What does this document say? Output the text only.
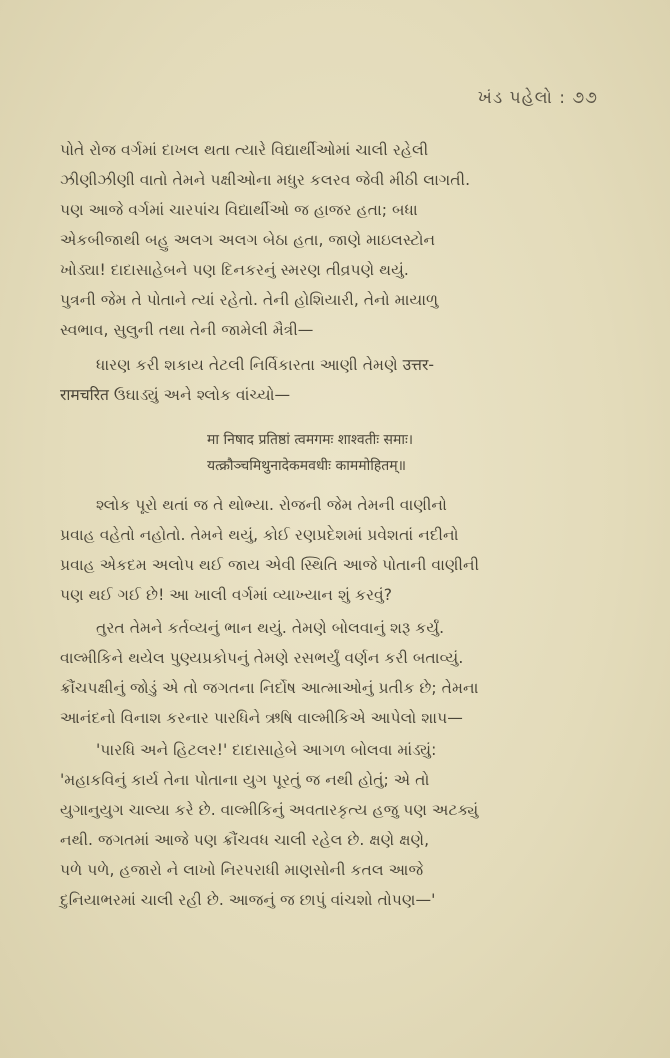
ખંડ પહેલો : ૭૭

પોતે રોજ વર્ગમાં દાખલ થતા ત્યારે વિદ્યાર્થીઓમાં ચાલી રહેલી

ઝીણીઝીણી વાતો તેમને પક્ષીઓના મધુર કલરવ જેવી મીઠી લાગતી.

પણ આજે વર્ગમાં ચારપાંચ વિદ્યાર્થીઓ જ હાજર હતા; બધા

એકબીજાથી બહુ અલગ અલગ બેઠા હતા, જાણે માઇલસ્ટોન

ખોડ્યા! દાદાસાહેબને પણ દિનકરનું સ્મરણ તીવ્રપણે થયું.

પુત્રની જેમ તે પોતાને ત્યાં રહેતો. તેની હોશિયારી, તેનો માયાળુ

સ્વભાવ, સુલુની તથા તેની જામેલી મૈત્રી—

ધારણ કરી શકાય તેટલી નિર્વિકારતા આણી તેમણે उत्तर-

रामचरित ઉઘાડ્યું અને શ્લોક વાંચ્યો—

मा निषाद प्रतिष्ठां त्वमगमः शाश्वतीः समाः।
यत्क्रौञ्चमिथुनादेकमवधीः काममोहितम्॥

શ્લોક પૂરો થતાં જ તે થોભ્યા. રોજની જેમ તેમની વાણીનો

પ્રવાહ વહેતો નહોતો. તેમને થયું, કોઈ રણપ્રદેશમાં પ્રવેશતાં નદીનો

પ્રવાહ એકદમ અલોપ થઈ જાય એવી સ્થિતિ આજે પોતાની વાણીની

પણ થઈ ગઈ છે! આ ખાલી વર્ગમાં વ્યાખ્યાન શું કરવું?

તુરત તેમને કર્તવ્યનું ભાન થયું. તેમણે બોલવાનું શરૂ કર્યું.

વાલ્મીકિને થયેલ પુણ્યપ્રકોપનું તેમણે રસભર્યું વર્ણન કરી બતાવ્યું.

ક્રૌંચપક્ષીનું જોડું એ તો જગતના નિર્દોષ આત્માઓનું પ્રતીક છે; તેમના

આનંદનો વિનાશ કરનાર પારધિને ઋષિ વાલ્મીકિએ આપેલો શાપ—

'પારધિ અને હિટલર!' દાદાસાહેબે આગળ બોલવા માંડ્યું:

'મહાકવિનું કાર્ય તેના પોતાના યુગ પૂરતું જ નથી હોતું; એ તો

યુગાનુયુગ ચાલ્યા કરે છે. વાલ્મીકિનું અવતારકૃત્ય હજુ પણ અટક્યું

નથી. જગતમાં આજે પણ ક્રૌંચવધ ચાલી રહેલ છે. ક્ષણે ક્ષણે,

પળે પળે, હજારો ને લાખો નિરપરાધી માણસોની કતલ આજે

દુનિયાભરમાં ચાલી રહી છે. આજનું જ છાપું વાંચશો તોપણ—'
